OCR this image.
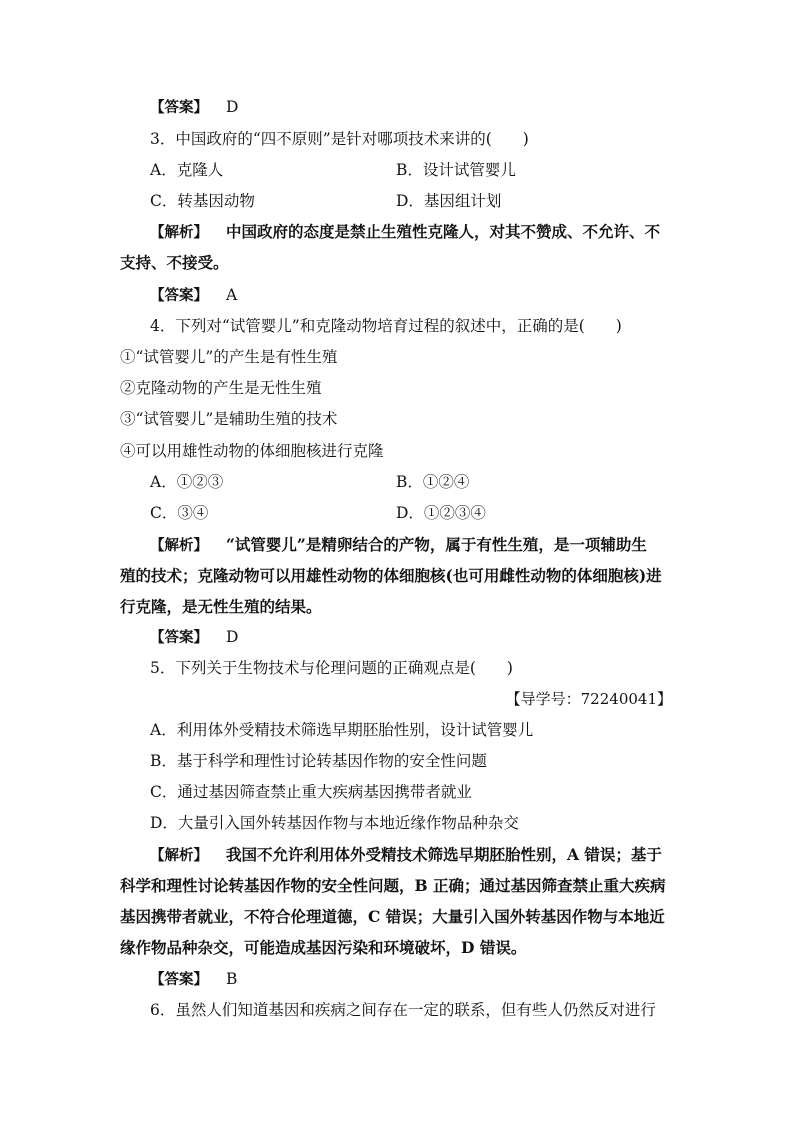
【答案】 D
3．中国政府的“四不原则”是针对哪项技术来讲的(　　)
A．克隆人	B．设计试管婴儿
C．转基因动物	D．基因组计划
【解析】 中国政府的态度是禁止生殖性克隆人，对其不赞成、不允许、不
支持、不接受。
【答案】 A
4．下列对“试管婴儿”和克隆动物培育过程的叙述中，正确的是(　　)
①“试管婴儿”的产生是有性生殖
②克隆动物的产生是无性生殖
③“试管婴儿”是辅助生殖的技术
④可以用雄性动物的体细胞核进行克隆
A．①②③	B．①②④
C．③④	D．①②③④
【解析】 “试管婴儿”是精卵结合的产物，属于有性生殖，是一项辅助生
殖的技术；克隆动物可以用雄性动物的体细胞核(也可用雌性动物的体细胞核)进
行克隆，是无性生殖的结果。
【答案】 D
5．下列关于生物技术与伦理问题的正确观点是(　　)
【导学号：72240041】
A．利用体外受精技术筛选早期胚胎性别，设计试管婴儿
B．基于科学和理性讨论转基因作物的安全性问题
C．通过基因筛查禁止重大疾病基因携带者就业
D．大量引入国外转基因作物与本地近缘作物品种杂交
【解析】 我国不允许利用体外受精技术筛选早期胚胎性别，A 错误；基于
科学和理性讨论转基因作物的安全性问题，B 正确；通过基因筛查禁止重大疾病
基因携带者就业，不符合伦理道德，C 错误；大量引入国外转基因作物与本地近
缘作物品种杂交，可能造成基因污染和环境破坏，D 错误。
【答案】 B
6．虽然人们知道基因和疾病之间存在一定的联系，但有些人仍然反对进行
